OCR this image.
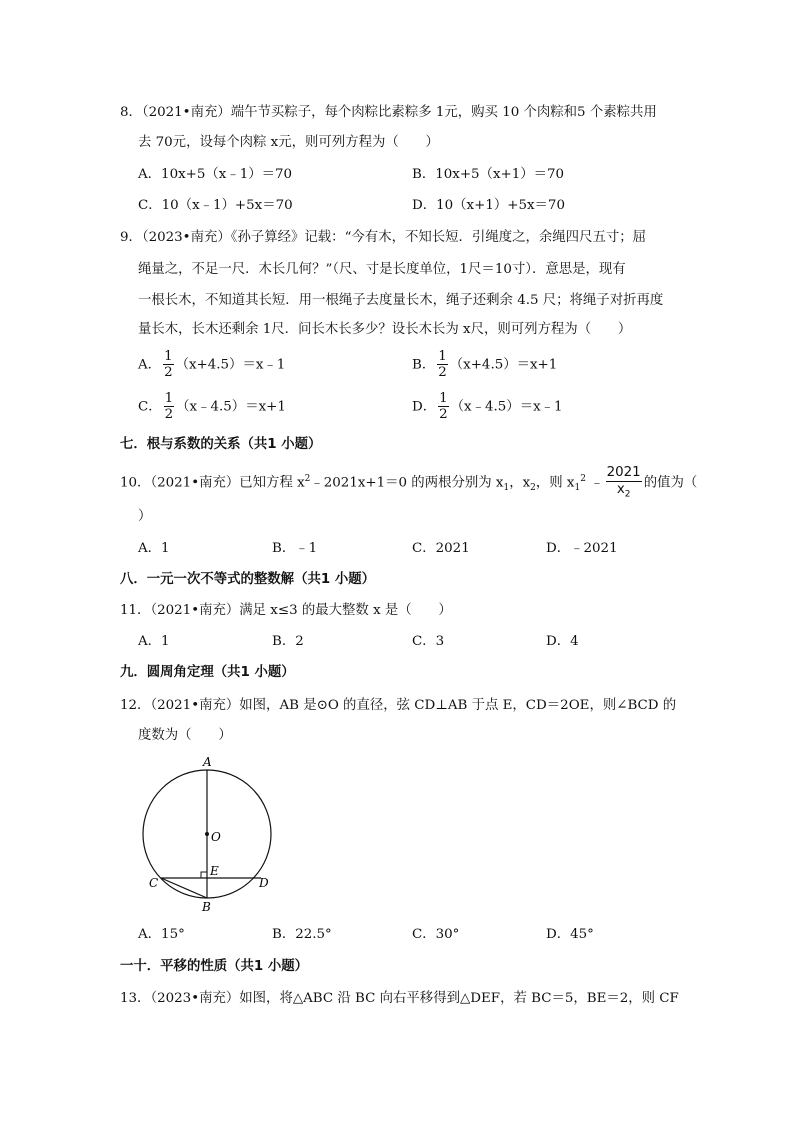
8．（2021•南充）端午节买粽子，每个肉粽比素粽多 1元，购买 10 个肉粽和5 个素粽共用
去 70元，设每个肉粽 x元，则可列方程为（　　）
A．10x+5（x﹣1）＝70	B．10x+5（x+1）＝70
C．10（x﹣1）+5x＝70	D．10（x+1）+5x＝70
9．（2023•南充）《孙子算经》记载：“今有木，不知长短．引绳度之，余绳四尺五寸；屈
绳量之，不足一尺．木长几何？”（尺、寸是长度单位，1尺＝10寸）．意思是，现有
一根长木，不知道其长短．用一根绳子去度量长木，绳子还剩余 4.5 尺；将绳子对折再度
量长木，长木还剩余 1尺．问长木长多少？设长木长为 x尺，则可列方程为（　　）
A． $\frac{1}{2}$ （x+4.5）＝x﹣1	B． $\frac{1}{2} (x+4.5)=x+1$
C． $\frac{1}{2}$ （x﹣4.5）＝x+1	D． $\frac{1}{2}$ （x﹣4.5）＝x﹣1
七．根与系数的关系（共1 小题）
10．（2021•南充）已知方程 $x^2﹣2021x+1=0$ 的两根分别为 $x_1$，$x_2$，则 $x_1^2$ ﹣ $\frac{2021}{x_2}$ 的值为（
）
A．1	B．﹣1	C．2021	D．﹣2021
八．一元一次不等式的整数解（共1 小题）
11．（2021•南充）满足 x≤3 的最大整数 x 是（　　）
A．1	B．2	C．3	D．4
九．圆周角定理（共1 小题）
12．（2021•南充）如图，AB 是⊙O 的直径，弦 CD⊥AB 于点 E，CD＝2OE，则∠BCD 的
度数为（　　）
A
O
E
C	D
B
A．15°	B．22.5°	C．30°	D．45°
一十．平移的性质（共1 小题）
13．（2023•南充）如图，将△ABC 沿 BC 向右平移得到△DEF，若 BC＝5，BE＝2，则 CF
